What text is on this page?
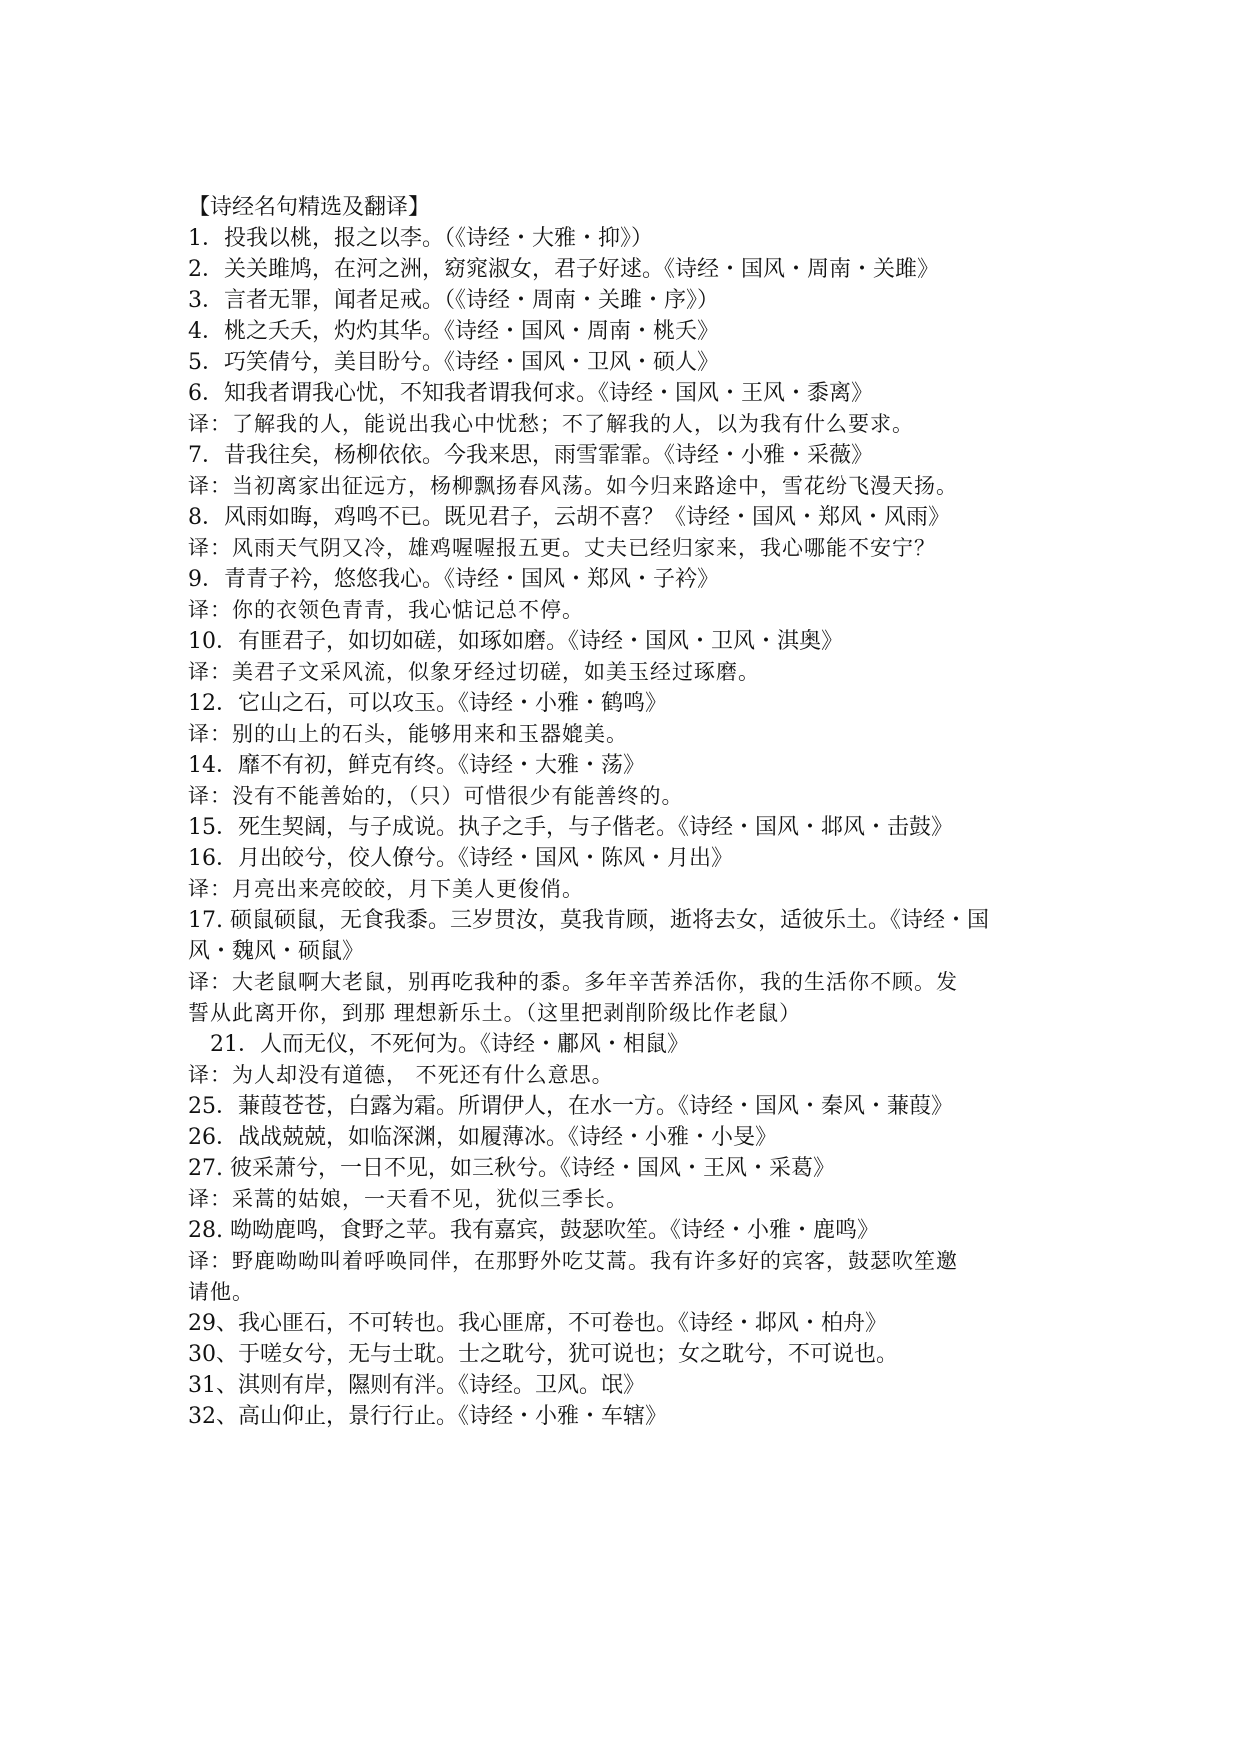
【诗经名句精选及翻译】
1．投我以桃，报之以李。（《诗经・大雅・抑》）
2．关关雎鸠，在河之洲，窈窕淑女，君子好逑。《诗经・国风・周南・关雎》
3．言者无罪，闻者足戒。（《诗经・周南・关雎・序》）
4．桃之夭夭，灼灼其华。《诗经・国风・周南・桃夭》
5．巧笑倩兮，美目盼兮。《诗经・国风・卫风・硕人》
6．知我者谓我心忧，不知我者谓我何求。《诗经・国风・王风・黍离》
译：了解我的人，能说出我心中忧愁；不了解我的人，以为我有什么要求。
7．昔我往矣，杨柳依依。今我来思，雨雪霏霏。《诗经・小雅・采薇》
译：当初离家出征远方，杨柳飘扬春风荡。如今归来路途中，雪花纷飞漫天扬。
8．风雨如晦，鸡鸣不已。既见君子，云胡不喜？《诗经・国风・郑风・风雨》
译：风雨天气阴又冷，雄鸡喔喔报五更。丈夫已经归家来，我心哪能不安宁？
9．青青子衿，悠悠我心。《诗经・国风・郑风・子衿》
译：你的衣领色青青，我心惦记总不停。
10．有匪君子，如切如磋，如琢如磨。《诗经・国风・卫风・淇奥》
译：美君子文采风流，似象牙经过切磋，如美玉经过琢磨。
12．它山之石，可以攻玉。《诗经・小雅・鹤鸣》
译：别的山上的石头，能够用来和玉器媲美。
14．靡不有初，鲜克有终。《诗经・大雅・荡》
译：没有不能善始的，（只）可惜很少有能善终的。
15．死生契阔，与子成说。执子之手，与子偕老。《诗经・国风・邶风・击鼓》
16．月出皎兮，佼人僚兮。《诗经・国风・陈风・月出》
译：月亮出来亮皎皎，月下美人更俊俏。
17. 硕鼠硕鼠，无食我黍。三岁贯汝，莫我肯顾，逝将去女，适彼乐土。《诗经・国
风・魏风・硕鼠》
译：大老鼠啊大老鼠，别再吃我种的黍。多年辛苦养活你，我的生活你不顾。发
誓从此离开你，到那 理想新乐土。（这里把剥削阶级比作老鼠）
21．人而无仪，不死何为。《诗经・鄘风・相鼠》
译：为人却没有道德， 不死还有什么意思。
25．蒹葭苍苍，白露为霜。所谓伊人，在水一方。《诗经・国风・秦风・蒹葭》
26．战战兢兢，如临深渊，如履薄冰。《诗经・小雅・小旻》
27. 彼采萧兮，一日不见，如三秋兮。《诗经・国风・王风・采葛》
译：采蒿的姑娘，一天看不见，犹似三季长。
28. 呦呦鹿鸣，食野之苹。我有嘉宾，鼓瑟吹笙。《诗经・小雅・鹿鸣》
译：野鹿呦呦叫着呼唤同伴，在那野外吃艾蒿。我有许多好的宾客，鼓瑟吹笙邀
请他。
29、我心匪石，不可转也。我心匪席，不可卷也。《诗经・邶风・柏舟》
30、于嗟女兮，无与士耽。士之耽兮，犹可说也；女之耽兮，不可说也。
31、淇则有岸，隰则有泮。《诗经。卫风。氓》
32、高山仰止，景行行止。《诗经・小雅・车辖》
